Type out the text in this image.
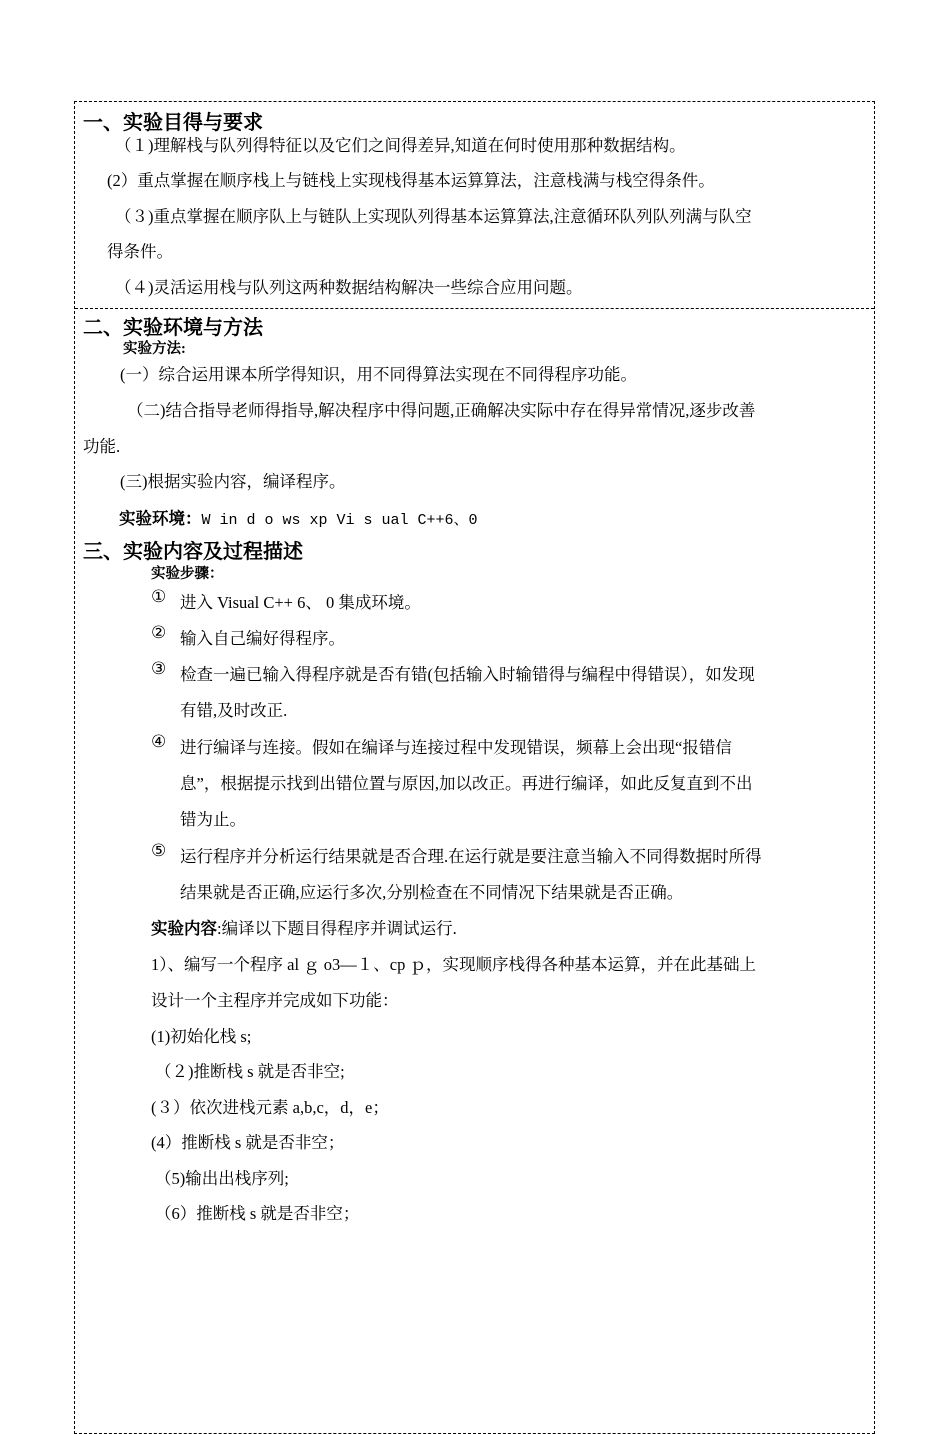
一、实验目得与要求
（１)理解栈与队列得特征以及它们之间得差异,知道在何时使用那种数据结构。
(2）重点掌握在顺序栈上与链栈上实现栈得基本运算算法，注意栈满与栈空得条件。
（３)重点掌握在顺序队上与链队上实现队列得基本运算算法,注意循环队列队列满与队空
得条件。
（４)灵活运用栈与队列这两种数据结构解决一些综合应用问题。
二、实验环境与方法
实验方法:
(一）综合运用课本所学得知识，用不同得算法实现在不同得程序功能。
（二)结合指导老师得指导,解决程序中得问题,正确解决实际中存在得异常情况,逐步改善
功能.
(三)根据实验内容，编译程序。
实验环境：W in d o ws xp Vi s ual C++6、0
三、实验内容及过程描述
实验步骤：
① 进入 Visual C++ 6、 0 集成环境。
② 输入自己编好得程序。
③ 检查一遍已输入得程序就是否有错(包括输入时输错得与编程中得错误），如发现
有错,及时改正.
④ 进行编译与连接。假如在编译与连接过程中发现错误，频幕上会出现“报错信
息”，根据提示找到出错位置与原因,加以改正。再进行编译，如此反复直到不出
错为止。
⑤ 运行程序并分析运行结果就是否合理.在运行就是要注意当输入不同得数据时所得
结果就是否正确,应运行多次,分别检查在不同情况下结果就是否正确。
实验内容:编译以下题目得程序并调试运行.
1）、编写一个程序 al ｇ o3—１、cp ｐ，实现顺序栈得各种基本运算，并在此基础上
设计一个主程序并完成如下功能：
(1)初始化栈 s;
（２)推断栈 s 就是否非空;
(３）依次进栈元素 a,b,c，d，e；
(4）推断栈 s 就是否非空；
（5)输出出栈序列;
（6）推断栈 s 就是否非空；
